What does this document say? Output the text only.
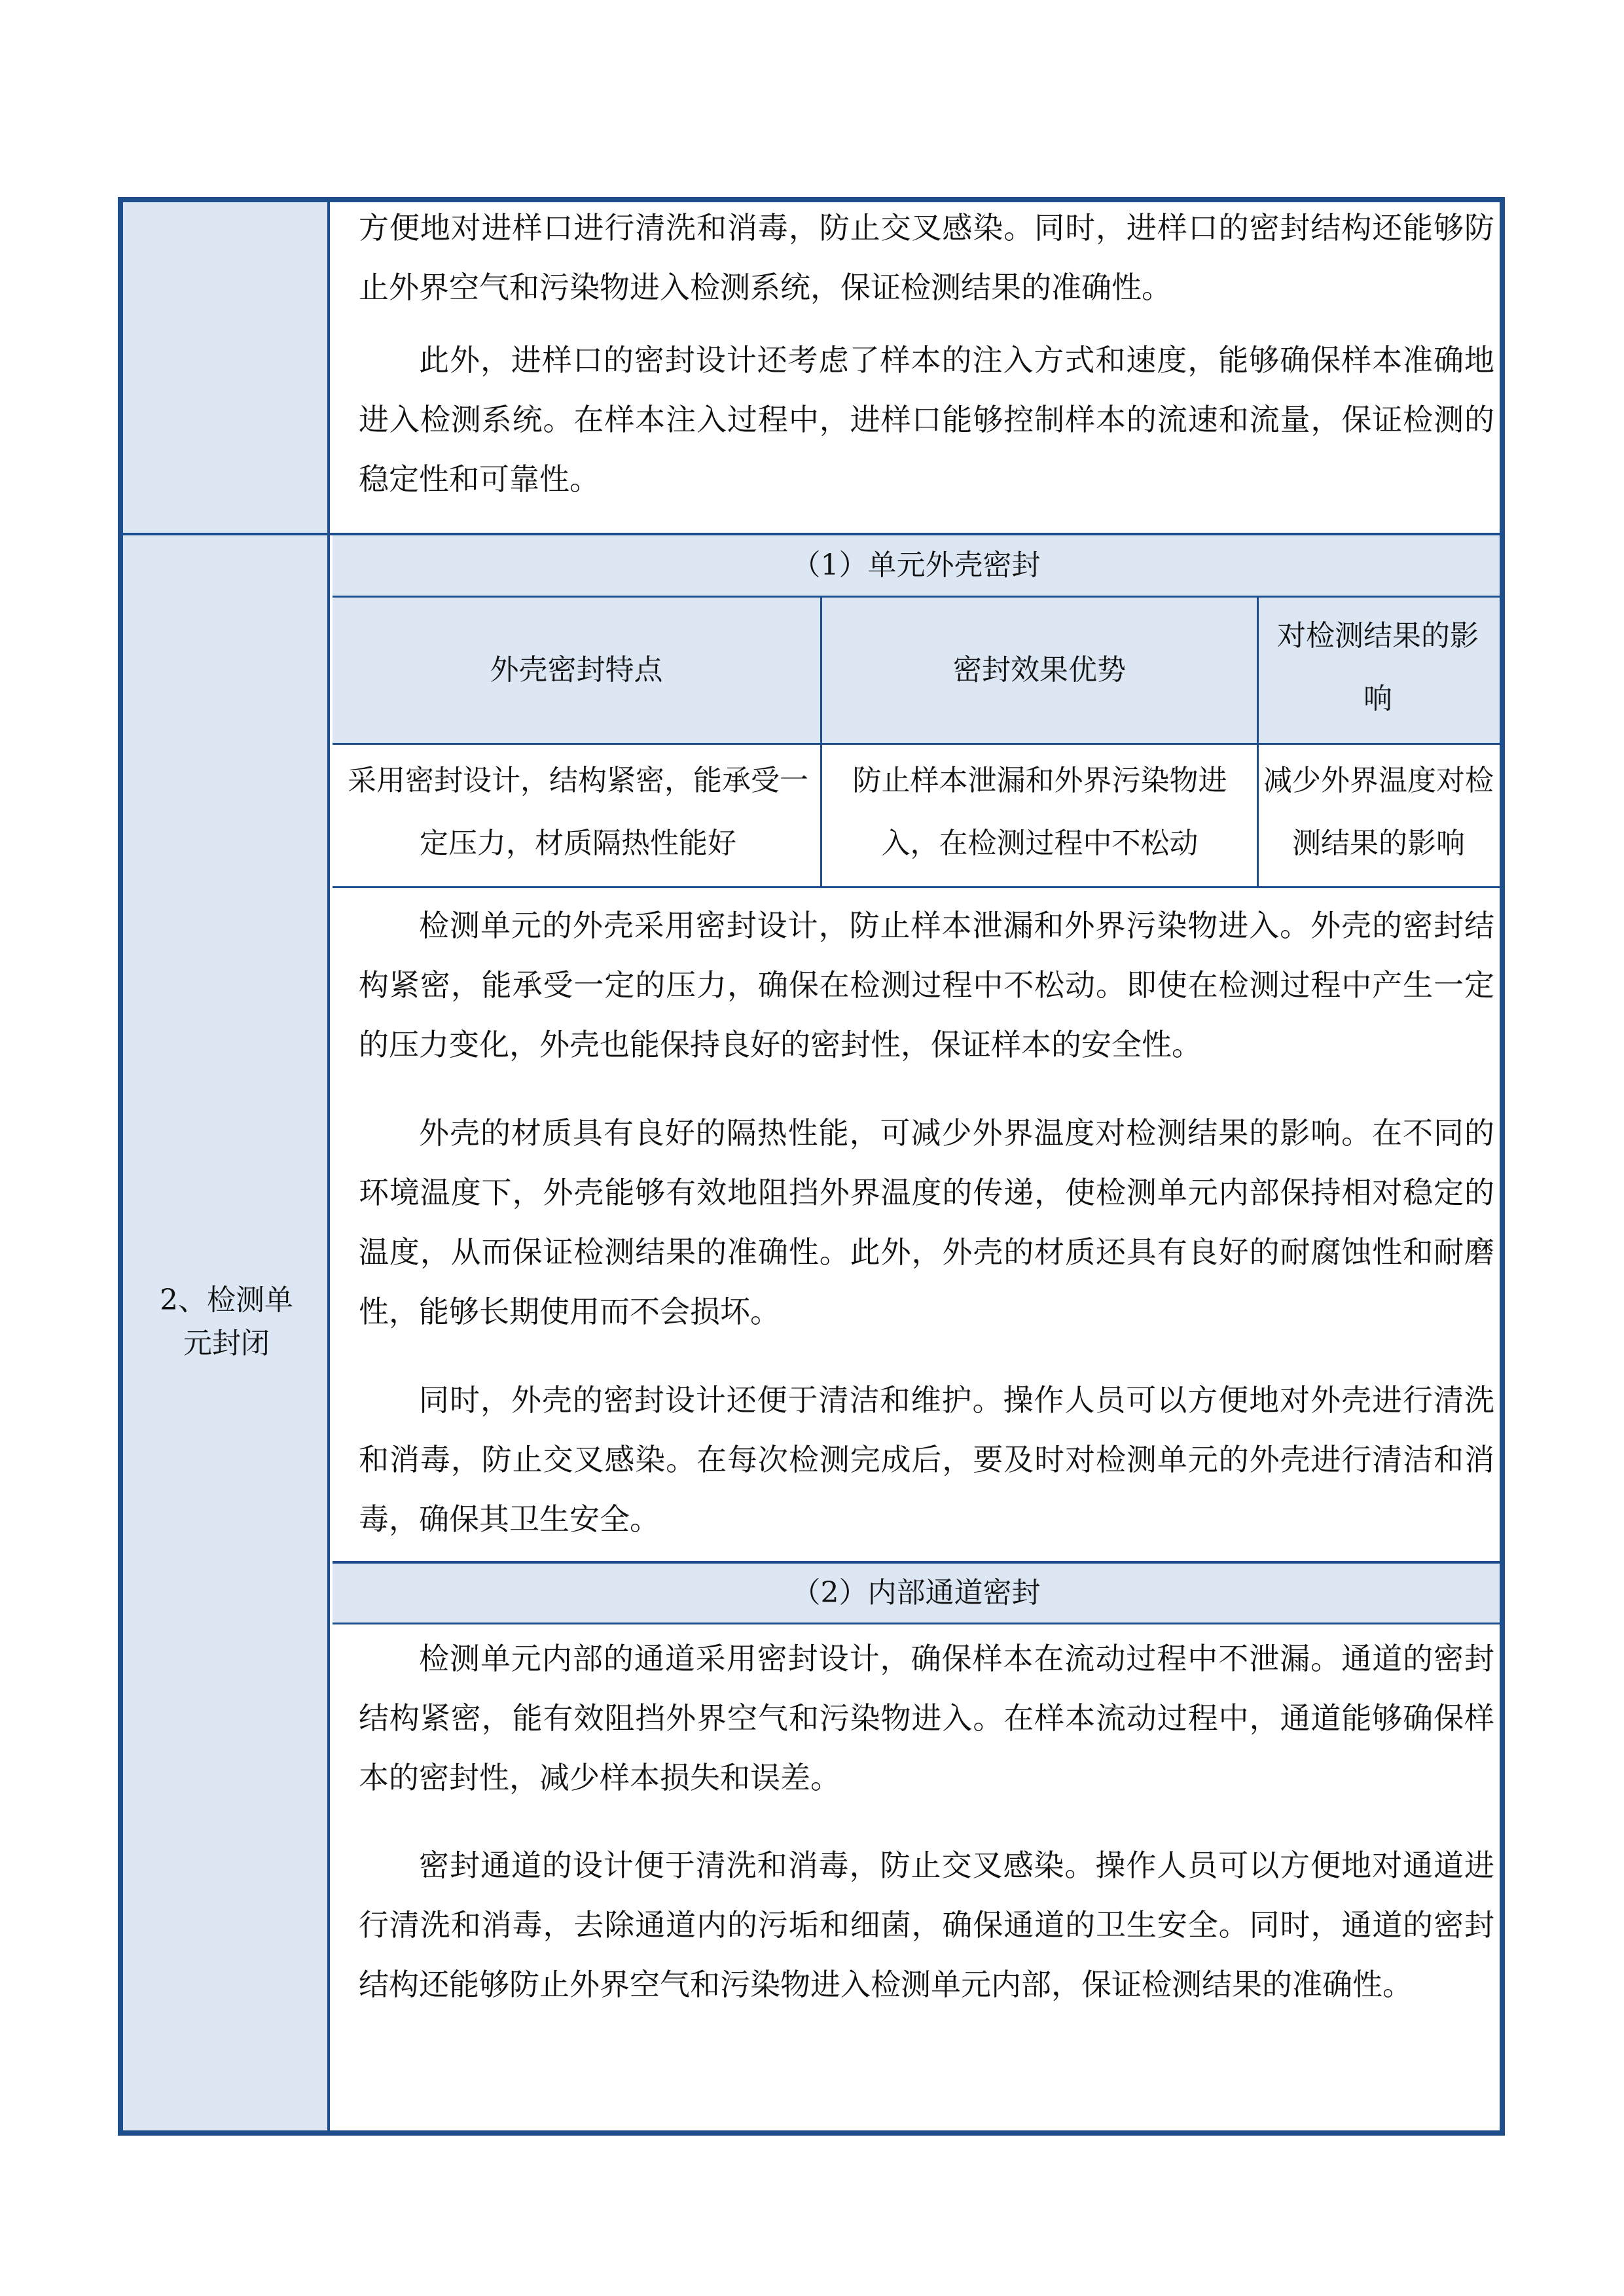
方便地对进样口进行清洗和消毒，防止交叉感染。同时，进样口的密封结构还能够防止外界空气和污染物进入检测系统，保证检测结果的准确性。

此外，进样口的密封设计还考虑了样本的注入方式和速度，能够确保样本准确地进入检测系统。在样本注入过程中，进样口能够控制样本的流速和流量，保证检测的稳定性和可靠性。

2、检测单元封闭
（1）单元外壳密封
外壳密封特点	密封效果优势
对检测结果的影响
采用密封设计，结构紧密，能承受一定压力，材质隔热性能好
防止样本泄漏和外界污染物进入，在检测过程中不松动
减少外界温度对检测结果的影响

检测单元的外壳采用密封设计，防止样本泄漏和外界污染物进入。外壳的密封结构紧密，能承受一定的压力，确保在检测过程中不松动。即使在检测过程中产生一定的压力变化，外壳也能保持良好的密封性，保证样本的安全性。

外壳的材质具有良好的隔热性能，可减少外界温度对检测结果的影响。在不同的环境温度下，外壳能够有效地阻挡外界温度的传递，使检测单元内部保持相对稳定的温度，从而保证检测结果的准确性。此外，外壳的材质还具有良好的耐腐蚀性和耐磨性，能够长期使用而不会损坏。

同时，外壳的密封设计还便于清洁和维护。操作人员可以方便地对外壳进行清洗和消毒，防止交叉感染。在每次检测完成后，要及时对检测单元的外壳进行清洁和消毒，确保其卫生安全。

（2）内部通道密封

检测单元内部的通道采用密封设计，确保样本在流动过程中不泄漏。通道的密封结构紧密，能有效阻挡外界空气和污染物进入。在样本流动过程中，通道能够确保样本的密封性，减少样本损失和误差。

密封通道的设计便于清洗和消毒，防止交叉感染。操作人员可以方便地对通道进行清洗和消毒，去除通道内的污垢和细菌，确保通道的卫生安全。同时，通道的密封结构还能够防止外界空气和污染物进入检测单元内部，保证检测结果的准确性。
